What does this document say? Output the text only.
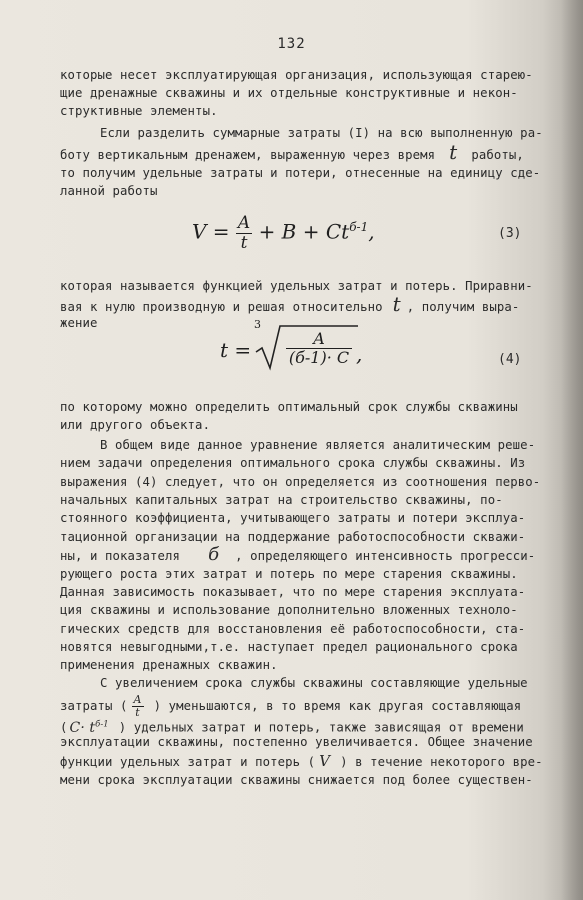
132
которые несет эксплуатирующая организация, использующая старею-
щие дренажные скважины и их отдельные конструктивные и некон-
структивные элементы.
Если разделить суммарные затраты (I) на всю выполненную ра-
боту вертикальным дренажем, выраженную через время t работы,
то получим удельные затраты и потери, отнесенные на единицу сде-
ланной работы
$V = \frac{A}{t} + B + Ct^{б-1}$,	(3)
которая называется функцией удельных затрат и потерь. Приравни-
вая к нулю производную и решая относительно t , получим выра-
жение
t =
3
$\frac{A}{(б-1)\cdot C}$ ,	(4)
по которому можно определить оптимальный срок службы скважины
или другого объекта.
В общем виде данное уравнение является аналитическим реше-
нием задачи определения оптимального срока службы скважины. Из
выражения (4) следует, что он определяется из соотношения перво-
начальных капитальных затрат на строительство скважины, по-
стоянного коэффициента, учитывающего затраты и потери эксплуа-
тационной организации на поддержание работоспособности скважи-
ны, и показателя б , определяющего интенсивность прогресси-
рующего роста этих затрат и потерь по мере старения скважины.
Данная зависимость показывает, что по мере старения эксплуата-
ция скважины и использование дополнительно вложенных техноло-
гических средств для восстановления её работоспособности, ста-
новятся невыгодными,т.е. наступает предел рационального срока
применения дренажных скважин.
С увеличением срока службы скважины составляющие удельные
затраты ( $\frac{A}{t}$ ) уменьшаются, в то время как другая составляющая
( $C\cdot t^{б-1}$ ) удельных затрат и потерь, также зависящая от времени
эксплуатации скважины, постепенно увеличивается. Общее значение
функции удельных затрат и потерь ( V ) в течение некоторого вре-
мени срока эксплуатации скважины снижается под более существен-
